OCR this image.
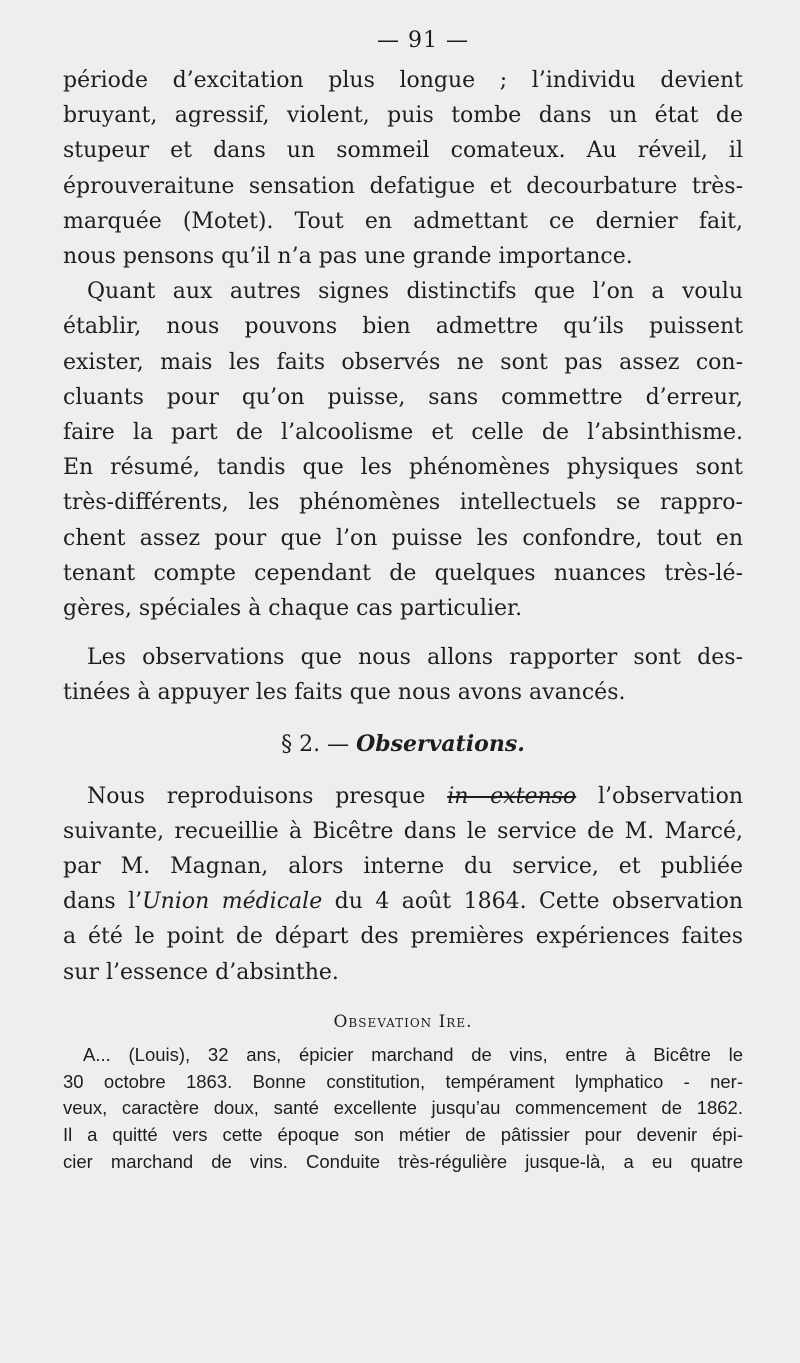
— 91 —

période d’excitation plus longue ; l’individu devient
bruyant, agressif, violent, puis tombe dans un état de
stupeur et dans un sommeil comateux. Au réveil, il
éprouveraitune sensation defatigue et decourbature très-
marquée (Motet). Tout en admettant ce dernier fait,
nous pensons qu’il n’a pas une grande importance.

Quant aux autres signes distinctifs que l’on a voulu
établir, nous pouvons bien admettre qu’ils puissent
exister, mais les faits observés ne sont pas assez con-
cluants pour qu’on puisse, sans commettre d’erreur,
faire la part de l’alcoolisme et celle de l’absinthisme.
En résumé, tandis que les phénomènes physiques sont
très-différents, les phénomènes intellectuels se rappro-
chent assez pour que l’on puisse les confondre, tout en
tenant compte cependant de quelques nuances très-lé-
gères, spéciales à chaque cas particulier.

Les observations que nous allons rapporter sont des-
tinées à appuyer les faits que nous avons avancés.

§ 2. — Observations.

Nous reproduisons presque in extenso l’observation
suivante, recueillie à Bicêtre dans le service de M. Marcé,
par M. Magnan, alors interne du service, et publiée
dans l’Union médicale du 4 août 1864. Cette observation
a été le point de départ des premières expériences faites
sur l’essence d’absinthe.

Obsevation Ire.

A... (Louis), 32 ans, épicier marchand de vins, entre à Bicêtre le
30 octobre 1863. Bonne constitution, tempérament lymphatico - ner-
veux, caractère doux, santé excellente jusqu’au commencement de 1862.
Il a quitté vers cette époque son métier de pâtissier pour devenir épi-
cier marchand de vins. Conduite très-régulière jusque-là, a eu quatre
